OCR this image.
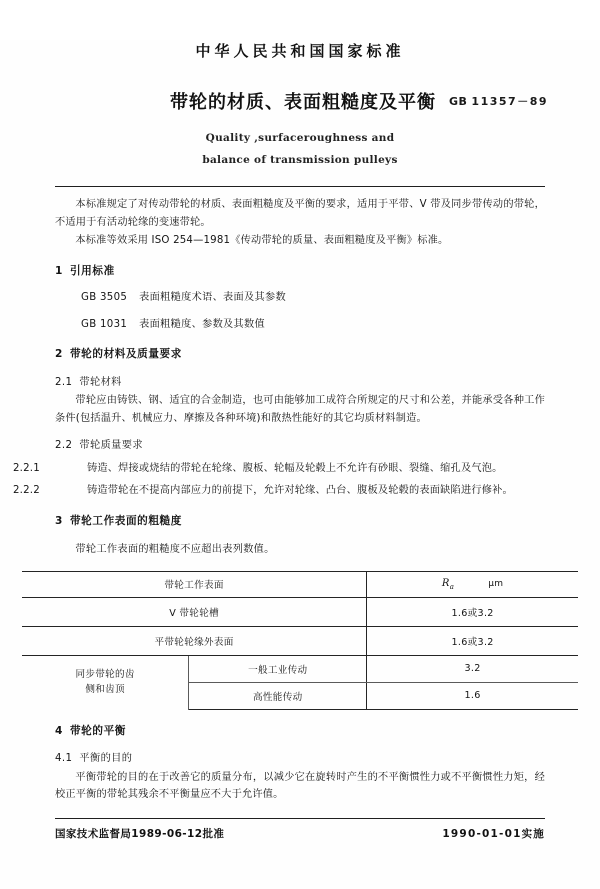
中华人民共和国国家标准
带轮的材质、表面粗糙度及平衡	GB 11357－89
Quality ,surfaceroughness and
balance of transmission pulleys
本标准规定了对传动带轮的材质、表面粗糙度及平衡的要求，适用于平带、V 带及同步带传动的带轮，不适用于有活动轮缘的变速带轮。
本标准等效采用 ISO 254—1981《传动带轮的质量、表面粗糙度及平衡》标准。
1 引用标准
GB 3505 表面粗糙度术语、表面及其参数
GB 1031 表面粗糙度、参数及其数值
2 带轮的材料及质量要求
2.1 带轮材料
带轮应由铸铁、钢、适宜的合金制造，也可由能够加工成符合所规定的尺寸和公差，并能承受各种工作条件(包括温升、机械应力、摩擦及各种环境)和散热性能好的其它均质材料制造。
2.2 带轮质量要求
2.2.1	铸造、焊接或烧结的带轮在轮缘、腹板、轮幅及轮毂上不允许有砂眼、裂缝、缩孔及气泡。
2.2.2	铸造带轮在不提高内部应力的前提下，允许对轮缘、凸台、腹板及轮毂的表面缺陷进行修补。
3 带轮工作表面的粗糙度
带轮工作表面的粗糙度不应超出表列数值。
带轮工作表面		$R_a$ μm
V 带轮轮槽		1.6或3.2
平带轮轮缘外表面		1.6或3.2

同步带轮的齿
侧和齿顶	一般工业传动	3.2
	高性能传动	1.6
4 带轮的平衡
4.1 平衡的目的
平衡带轮的目的在于改善它的质量分布，以减少它在旋转时产生的不平衡惯性力或不平衡惯性力矩，经校正平衡的带轮其残余不平衡量应不大于允许值。
国家技术监督局1989-06-12批准	1990-01-01实施
